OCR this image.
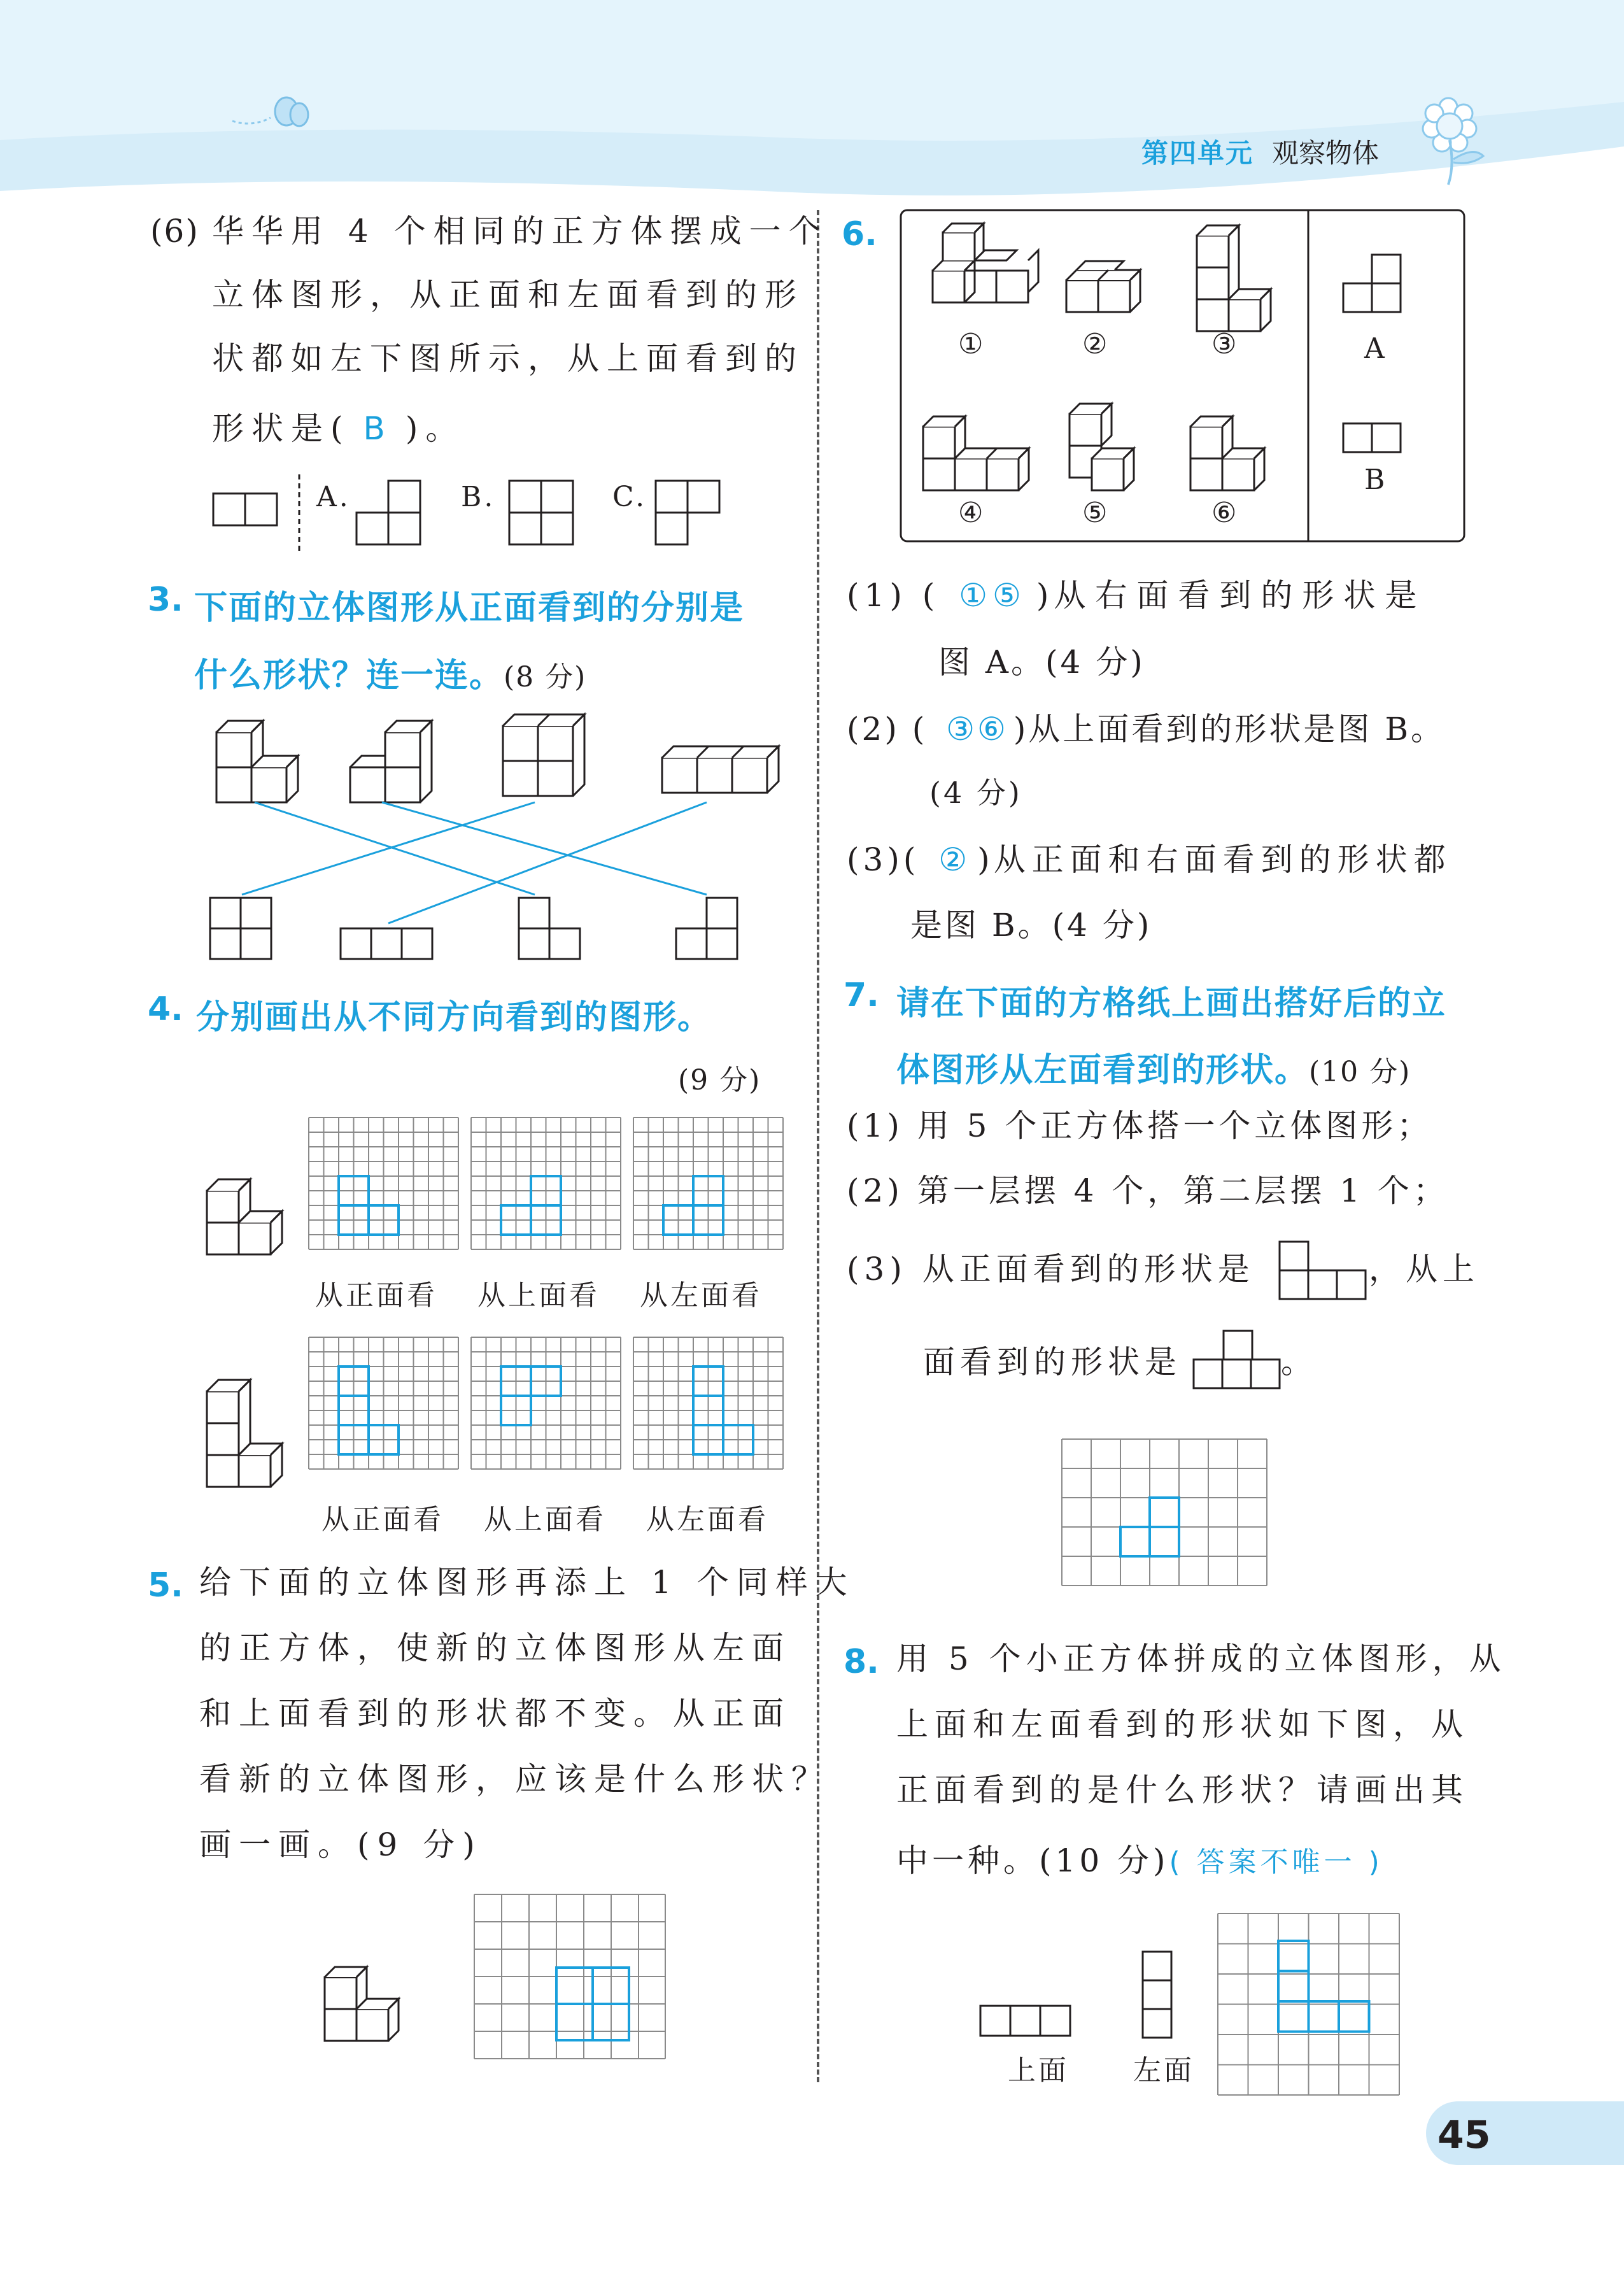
第四单元 观察物体
(6) 华华用 4 个相同的正方体摆成一个
立体图形，从正面和左面看到的形
状都如左下图所示，从上面看到的
形状是( B )。
A.	B.	C.
3. 下面的立体图形从正面看到的分别是
什么形状？连一连。(8 分)
4. 分别画出从不同方向看到的图形。
(9 分)
从正面看 从上面看 从左面看
从正面看 从上面看 从左面看
5. 给下面的立体图形再添上 1 个同样大
的正方体，使新的立体图形从左面
和上面看到的形状都不变。从正面
看新的立体图形，应该是什么形状？
画一画。(9 分)
6.
①	②	③
④	⑤	⑥
A
B
(1) ( ①⑤ )从右面看到的形状是
图 A。(4 分)
(2) ( ③⑥ )从上面看到的形状是图 B。
(4 分)
(3)( ② )从正面和右面看到的形状都
是图 B。(4 分)
7. 请在下面的方格纸上画出搭好后的立
体图形从左面看到的形状。(10 分)
(1) 用 5 个正方体搭一个立体图形；
(2) 第一层摆 4 个，第二层摆 1 个；
(3) 从正面看到的形状是	，从上
面看到的形状是	。
8. 用 5 个小正方体拼成的立体图形，从
上面和左面看到的形状如下图，从
正面看到的是什么形状？请画出其
中一种。(10 分)( 答案不唯一 )
上面 左面
45
